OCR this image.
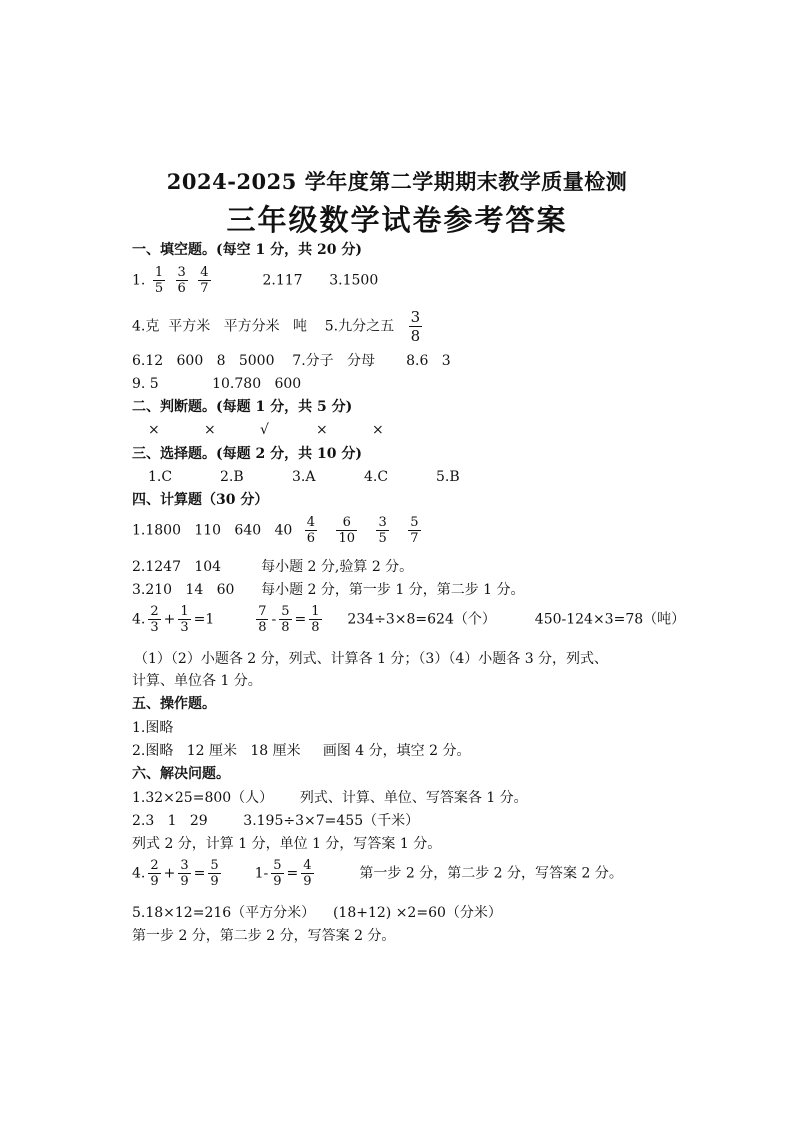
2024-2025 学年度第二学期期末教学质量检测
三年级数学试卷参考答案
一、填空题。(每空 1 分，共 20 分)
1. $\frac{1}{5}$
$\frac{3}{6}$
$\frac{4}{7}$	2.117      3.1500
4.克  平方米   平方分米   吨    5.九分之五 $\frac{3}{8}$
6.12   600   8   5000    7.分子   分母       8.6   3
9. 5            10.780   600
二、判断题。(每题 1 分，共 5 分)
×	×	√	×	×
三、选择题。(每题 2 分，共 10 分)
1.C	2.B	3.A	4.C	5.B
四、计算题（30 分）
1.1800   110   640   $40 \frac{4}{6}$
$\frac{6}{10}$
$\frac{3}{5}$
$\frac{5}{7}$
2.1247   104         每小题 2 分,验算 2 分。
3.210   14   60      每小题 2 分，第一步 1 分，第二步 1 分。
4. $\frac{2}{3} + \frac{1}{3} =1$	$\frac{7}{8} - \frac{5}{8} = \frac{1}{8} 234\div 3\times 8=624$（个）	450-124×3=78（吨）
（1）（2）小题各 2 分，列式、计算各 1 分；（3）（4）小题各 3 分，列式、
计算、单位各 1 分。
五、操作题。
1.图略
2.图略   12 厘米   18 厘米     画图 4 分，填空 2 分。
六、解决问题。
1.32×25=800（人）      列式、计算、单位、写答案各 1 分。
2.3   1   29        3.195÷3×7=455（千米）
列式 2 分，计算 1 分，单位 1 分，写答案 1 分。
4. $\frac{2}{9} + \frac{3}{9} = \frac{5}{9} 1- \frac{5}{9} = \frac{4}{9}$	第一步 2 分，第二步 2 分，写答案 2 分。
5.18×12=216（平方分米）    (18+12) ×2=60（分米）
第一步 2 分，第二步 2 分，写答案 2 分。
